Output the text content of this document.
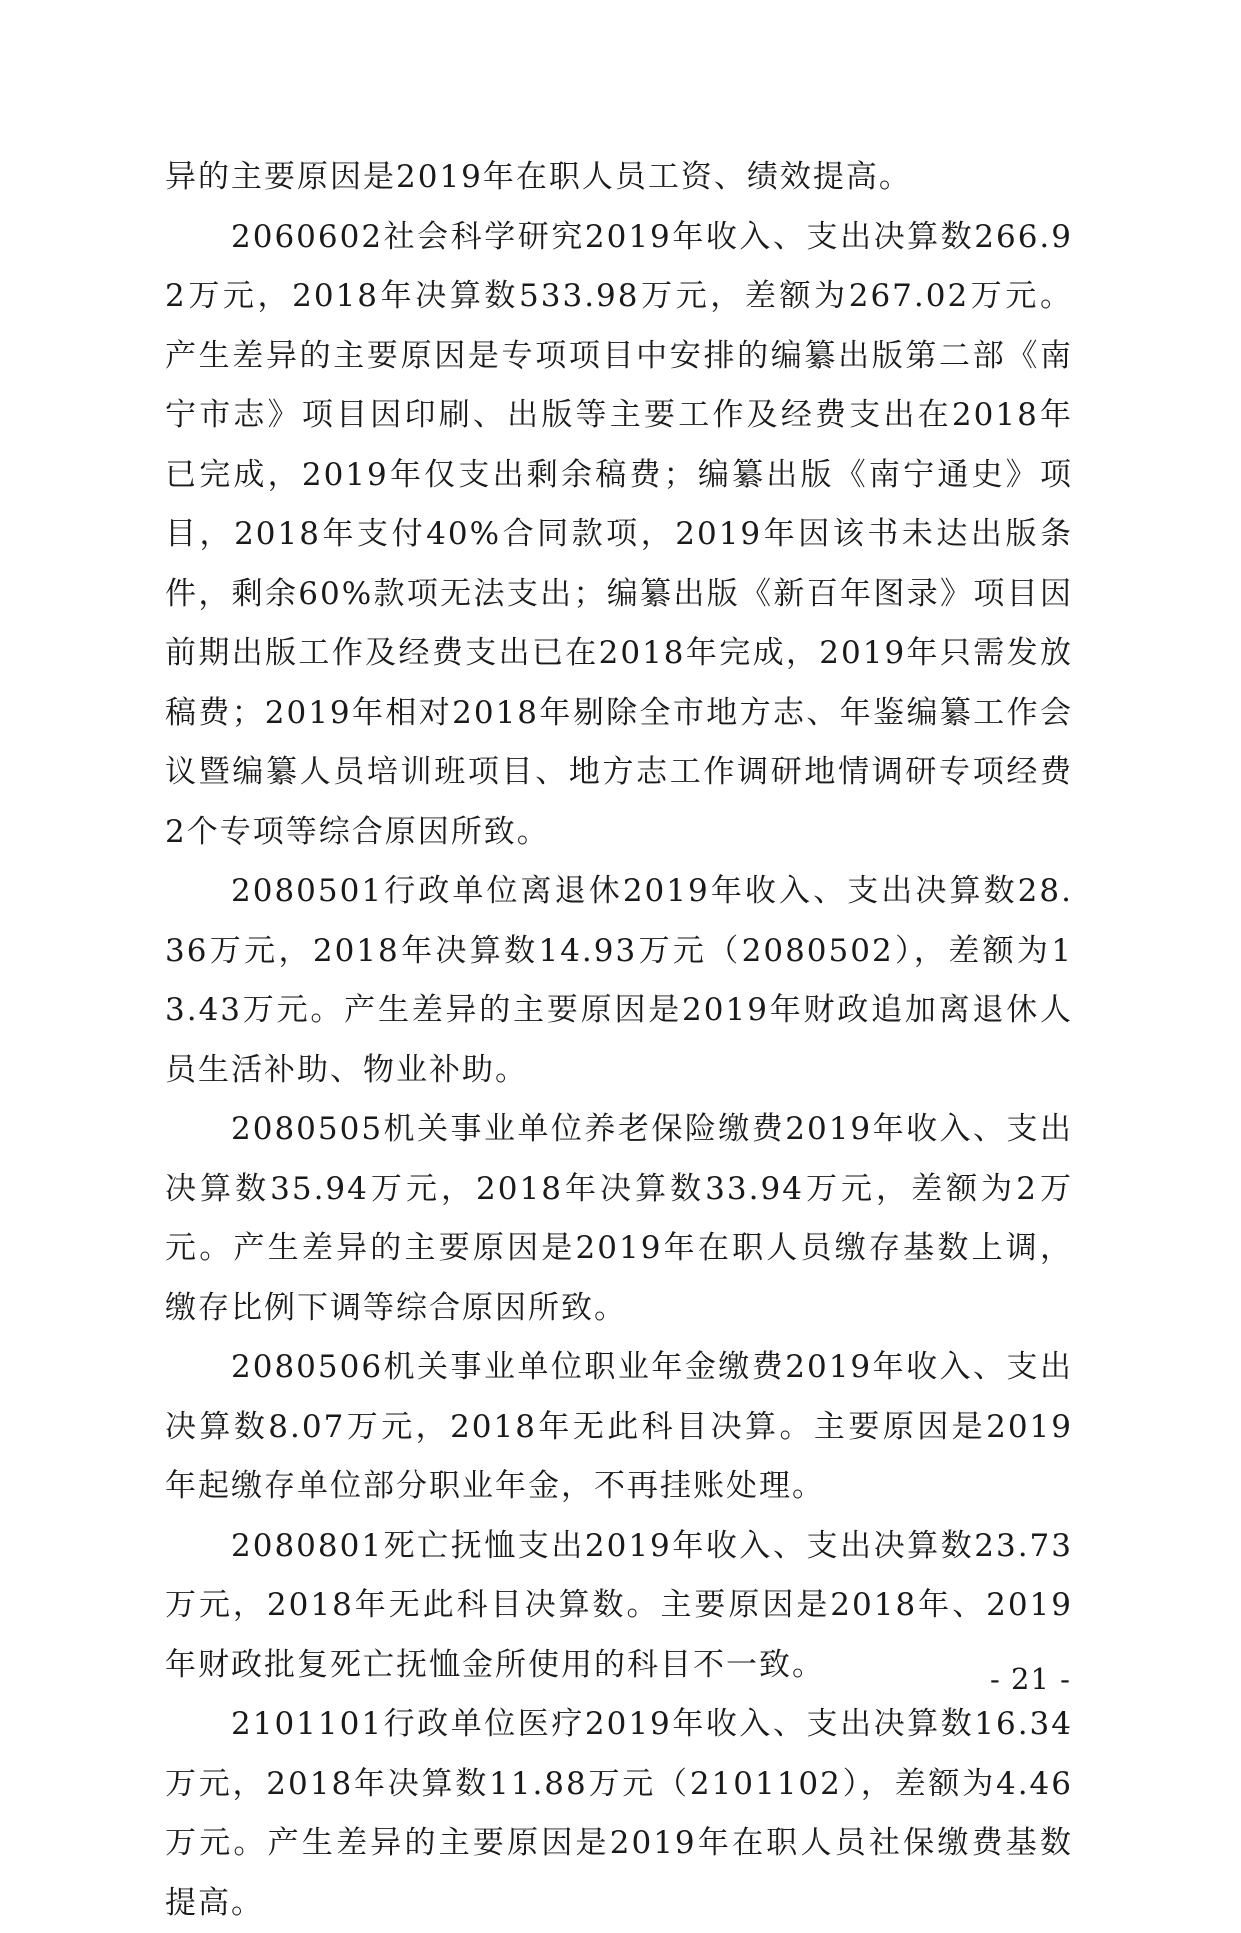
异的主要原因是2019年在职人员工资、绩效提高。

2060602社会科学研究2019年收入、支出决算数266.92万元，2018年决算数533.98万元，差额为267.02万元。产生差异的主要原因是专项项目中安排的编纂出版第二部《南宁市志》项目因印刷、出版等主要工作及经费支出在2018年已完成，2019年仅支出剩余稿费；编纂出版《南宁通史》项目，2018年支付40%合同款项，2019年因该书未达出版条件，剩余60%款项无法支出；编纂出版《新百年图录》项目因前期出版工作及经费支出已在2018年完成，2019年只需发放稿费；2019年相对2018年剔除全市地方志、年鉴编纂工作会议暨编纂人员培训班项目、地方志工作调研地情调研专项经费2个专项等综合原因所致。

2080501行政单位离退休2019年收入、支出决算数28.36万元，2018年决算数14.93万元（2080502），差额为13.43万元。产生差异的主要原因是2019年财政追加离退休人员生活补助、物业补助。

2080505机关事业单位养老保险缴费2019年收入、支出决算数35.94万元，2018年决算数33.94万元，差额为2万元。产生差异的主要原因是2019年在职人员缴存基数上调，缴存比例下调等综合原因所致。

2080506机关事业单位职业年金缴费2019年收入、支出决算数8.07万元，2018年无此科目决算。主要原因是2019年起缴存单位部分职业年金，不再挂账处理。

2080801死亡抚恤支出2019年收入、支出决算数23.73万元，2018年无此科目决算数。主要原因是2018年、2019年财政批复死亡抚恤金所使用的科目不一致。

2101101行政单位医疗2019年收入、支出决算数16.34万元，2018年决算数11.88万元（2101102），差额为4.46万元。产生差异的主要原因是2019年在职人员社保缴费基数提高。

- 21 -
